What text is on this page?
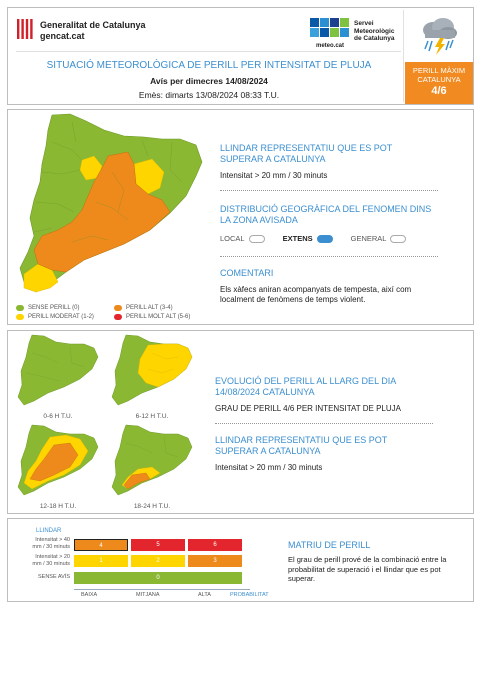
Generalitat de Catalunya
gencat.cat
meteo.cat
Servei
Meteorològic
de Catalunya
SITUACIÓ METEOROLÒGICA DE PERILL PER INTENSITAT DE PLUJA
Avís per dimecres 14/08/2024
Emès: dimarts 13/08/2024 08:33 T.U.
PERILL MÀXIM
CATALUNYA
4/6
SENSE PERILL (0)
PERILL MODERAT (1-2)
PERILL ALT (3-4)
PERILL MOLT ALT (5-6)
LLINDAR REPRESENTATIU QUE ES POT SUPERAR A CATALUNYA
Intensitat > 20 mm / 30 minuts
DISTRIBUCIÓ GEOGRÀFICA DEL FENOMEN DINS LA ZONA AVISADA
LOCAL	EXTENS	GENERAL
COMENTARI
Els xàfecs aniran acompanyats de tempesta, així com localment de fenòmens de temps violent.
0-6 H T.U.	6-12 H T.U.
12-18 H T.U.	18-24 H T.U.
EVOLUCIÓ DEL PERILL AL LLARG DEL DIA 14/08/2024 CATALUNYA
GRAU DE PERILL 4/6 PER INTENSITAT DE PLUJA
LLINDAR REPRESENTATIU QUE ES POT SUPERAR A CATALUNYA
Intensitat > 20 mm / 30 minuts
LLINDAR
Intensitat > 40
mm / 30 minuts
Intensitat > 20
mm / 30 minuts
SENSE AVÍS
4	5	6
1	2	3
0
BAIXA	MITJANA	ALTA	PROBABILITAT
MATRIU DE PERILL
El grau de perill prové de la combinació entre la probabilitat de superació i el llindar que es pot superar.
